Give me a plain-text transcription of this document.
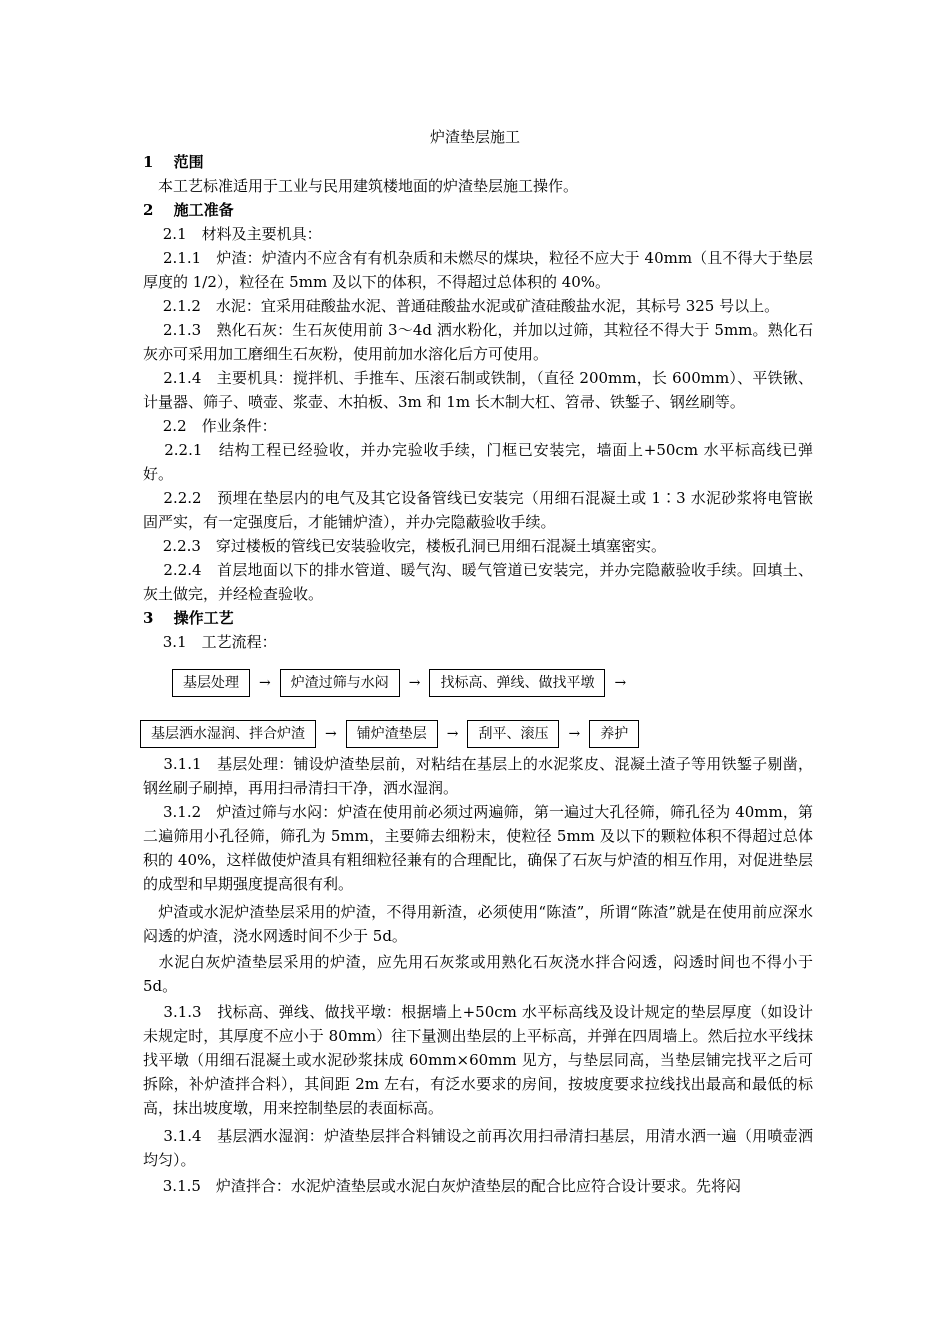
炉渣垫层施工

1　 范围

　本工艺标准适用于工业与民用建筑楼地面的炉渣垫层施工操作。

2　 施工准备

　 2.1　材料及主要机具：

　 2.1.1　炉渣：炉渣内不应含有有机杂质和未燃尽的煤块，粒径不应大于 40mm（且不得大于垫层厚度的 1/2），粒径在 5mm 及以下的体积，不得超过总体积的 40%。

　 2.1.2　水泥：宜采用硅酸盐水泥、普通硅酸盐水泥或矿渣硅酸盐水泥，其标号 325 号以上。

　 2.1.3　熟化石灰：生石灰使用前 3～4d 洒水粉化，并加以过筛，其粒径不得大于 5mm。熟化石灰亦可采用加工磨细生石灰粉，使用前加水溶化后方可使用。

　 2.1.4　主要机具：搅拌机、手推车、压滚石制或铁制，（直径 200mm，长 600mm）、平铁锹、计量器、筛子、喷壶、浆壶、木拍板、3m 和 1m 长木制大杠、笤帚、铁錾子、钢丝刷等。

　 2.2　作业条件：

　 2.2.1　结构工程已经验收，并办完验收手续，门框已安装完，墙面上+50cm 水平标高线已弹好。

　 2.2.2　预埋在垫层内的电气及其它设备管线已安装完（用细石混凝土或 1∶3 水泥砂浆将电管嵌固严实，有一定强度后，才能铺炉渣），并办完隐蔽验收手续。

　 2.2.3　穿过楼板的管线已安装验收完，楼板孔洞已用细石混凝土填塞密实。

　 2.2.4　首层地面以下的排水管道、暖气沟、暖气管道已安装完，并办完隐蔽验收手续。回填土、灰土做完，并经检查验收。

3　 操作工艺

　 3.1　工艺流程：

基层处理	→	炉渣过筛与水闷	→	找标高、弹线、做找平墩	→
基层洒水湿润、拌合炉渣	→	铺炉渣垫层	→	刮平、滚压	→	养护

　 3.1.1　基层处理：铺设炉渣垫层前，对粘结在基层上的水泥浆皮、混凝土渣子等用铁錾子剔凿，钢丝刷子刷掉，再用扫帚清扫干净，洒水湿润。

　 3.1.2　炉渣过筛与水闷：炉渣在使用前必须过两遍筛，第一遍过大孔径筛，筛孔径为 40mm，第二遍筛用小孔径筛，筛孔为 5mm，主要筛去细粉末，使粒径 5mm 及以下的颗粒体积不得超过总体积的 40%，这样做使炉渣具有粗细粒径兼有的合理配比，确保了石灰与炉渣的相互作用，对促进垫层的成型和早期强度提高很有利。

　炉渣或水泥炉渣垫层采用的炉渣，不得用新渣，必须使用“陈渣”，所谓“陈渣”就是在使用前应深水闷透的炉渣，浇水网透时间不少于 5d。

　水泥白灰炉渣垫层采用的炉渣，应先用石灰浆或用熟化石灰浇水拌合闷透，闷透时间也不得小于 5d。

　 3.1.3　找标高、弹线、做找平墩：根据墙上+50cm 水平标高线及设计规定的垫层厚度（如设计未规定时，其厚度不应小于 80mm）往下量测出垫层的上平标高，并弹在四周墙上。然后拉水平线抹找平墩（用细石混凝土或水泥砂浆抹成 60mm×60mm 见方，与垫层同高，当垫层铺完找平之后可拆除，补炉渣拌合料），其间距 2m 左右，有泛水要求的房间，按坡度要求拉线找出最高和最低的标高，抹出坡度墩，用来控制垫层的表面标高。

　 3.1.4　基层洒水湿润：炉渣垫层拌合料铺设之前再次用扫帚清扫基层，用清水洒一遍（用喷壶洒均匀）。

　 3.1.5　炉渣拌合：水泥炉渣垫层或水泥白灰炉渣垫层的配合比应符合设计要求。先将闷
